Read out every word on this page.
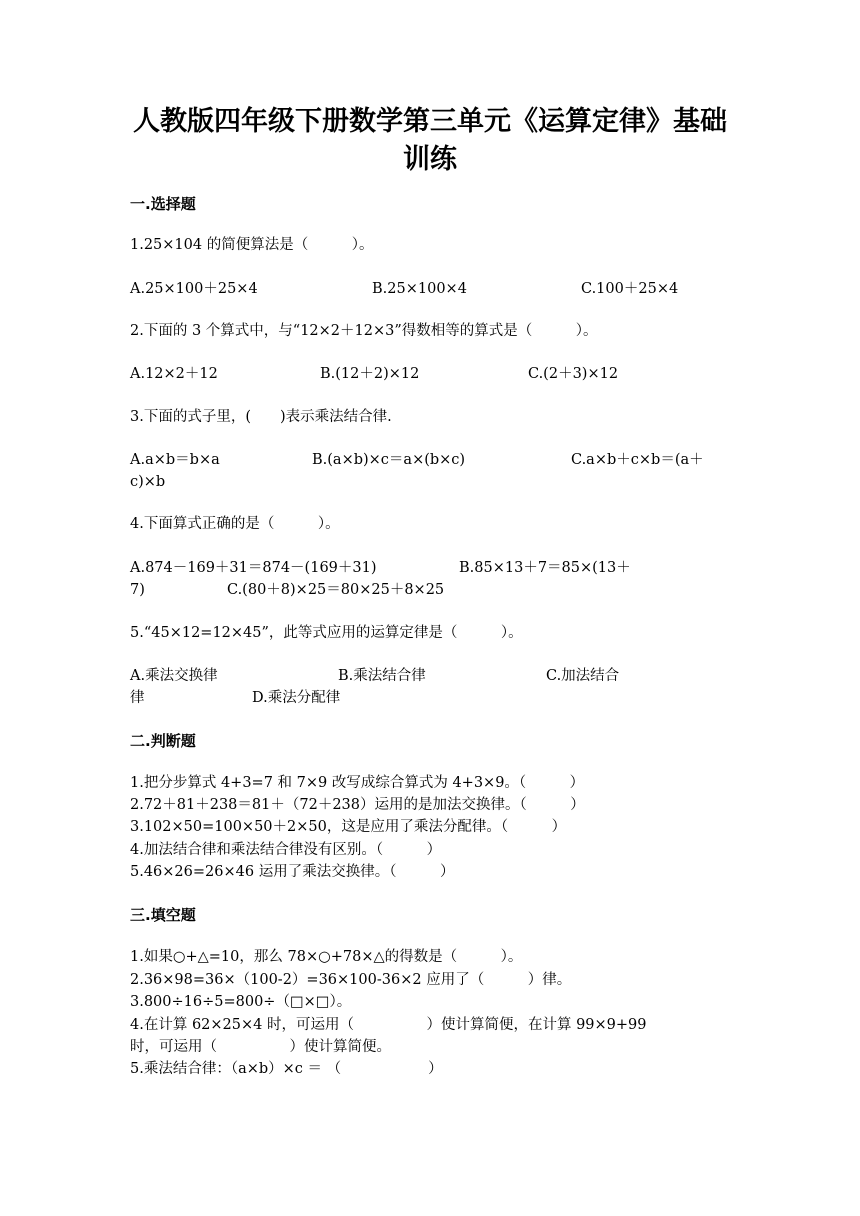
人教版四年级下册数学第三单元《运算定律》基础
训练
一.选择题
1.25×104 的简便算法是（　　　）。
A.25×100＋25×4	B.25×100×4	C.100＋25×4
2.下面的 3 个算式中，与“12×2＋12×3”得数相等的算式是（　　　）。
A.12×2＋12	B.(12＋2)×12	C.(2＋3)×12
3.下面的式子里，(　　)表示乘法结合律.
A.a×b＝b×a	B.(a×b)×c＝a×(b×c)	C.a×b＋c×b＝(a＋
c)×b
4.下面算式正确的是（　　　）。
A.874－169＋31＝874－(169＋31)	B.85×13＋7＝85×(13＋
7)	C.(80＋8)×25＝80×25＋8×25
5.“45×12=12×45”，此等式应用的运算定律是（　　　）。
A.乘法交换律	B.乘法结合律	C.加法结合
律	D.乘法分配律
二.判断题
1.把分步算式 4+3=7 和 7×9 改写成综合算式为 4+3×9。（　　　）
2.72＋81＋238＝81＋（72＋238）运用的是加法交换律。（　　　）
3.102×50=100×50＋2×50，这是应用了乘法分配律。（　　　）
4.加法结合律和乘法结合律没有区别。（　　　）
5.46×26=26×46 运用了乘法交换律。（　　　）
三.填空题
1.如果○+△=10，那么 78×○+78×△的得数是（　　　）。
2.36×98=36×（100-2）=36×100-36×2 应用了（　　　）律。
3.800÷16÷5=800÷（□×□）。
4.在计算 62×25×4 时，可运用（　　　　　）使计算简便，在计算 99×9+99
时，可运用（　　　　　）使计算简便。
5.乘法结合律：（a×b）×c ＝ （　　　　　　）
